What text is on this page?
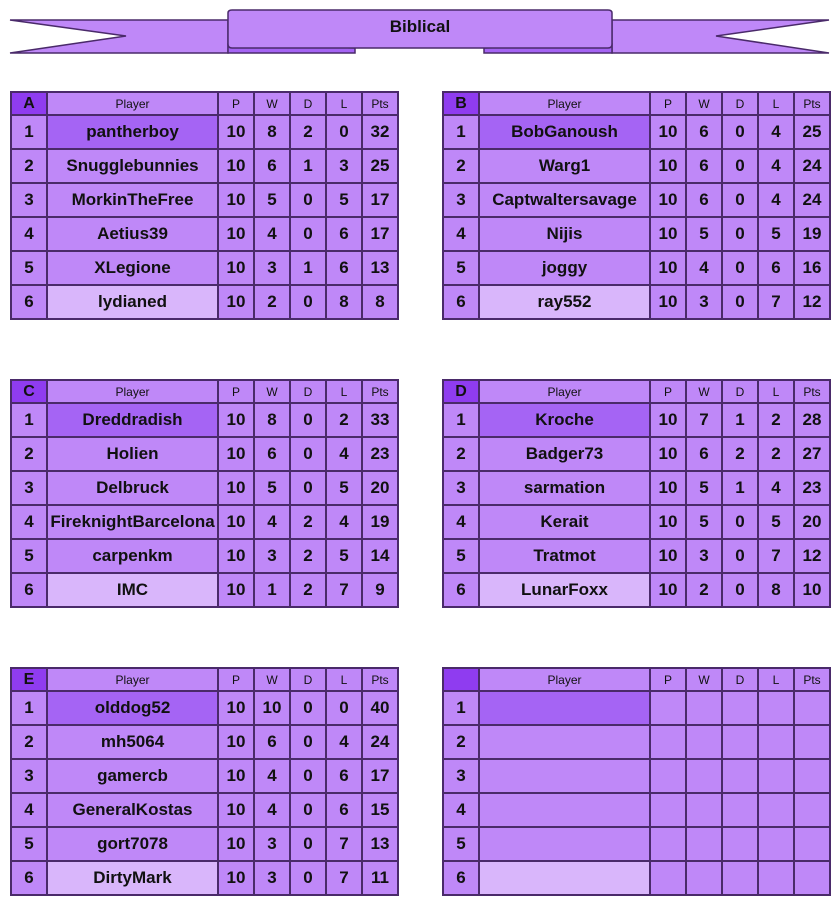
Biblical
A	Player	P	W	D	L	Pts
1	pantherboy	10	8	2	0	32
2	Snugglebunnies	10	6	1	3	25
3	MorkinTheFree	10	5	0	5	17
4	Aetius39	10	4	0	6	17
5	XLegione	10	3	1	6	13
6	lydianed	10	2	0	8	8
B	Player	P	W	D	L	Pts
1	BobGanoush	10	6	0	4	25
2	Warg1	10	6	0	4	24
3	Captwaltersavage	10	6	0	4	24
4	Nijis	10	5	0	5	19
5	joggy	10	4	0	6	16
6	ray552	10	3	0	7	12
C	Player	P	W	D	L	Pts
1	Dreddradish	10	8	0	2	33
2	Holien	10	6	0	4	23
3	Delbruck	10	5	0	5	20
4	FireknightBarcelona	10	4	2	4	19
5	carpenkm	10	3	2	5	14
6	IMC	10	1	2	7	9
D	Player	P	W	D	L	Pts
1	Kroche	10	7	1	2	28
2	Badger73	10	6	2	2	27
3	sarmation	10	5	1	4	23
4	Kerait	10	5	0	5	20
5	Tratmot	10	3	0	7	12
6	LunarFoxx	10	2	0	8	10
E	Player	P	W	D	L	Pts
1	olddog52	10	10	0	0	40
2	mh5064	10	6	0	4	24
3	gamercb	10	4	0	6	17
4	GeneralKostas	10	4	0	6	15
5	gort7078	10	3	0	7	13
6	DirtyMark	10	3	0	7	11
	Player	P	W	D	L	Pts
1						
2						
3						
4						
5						
6						
